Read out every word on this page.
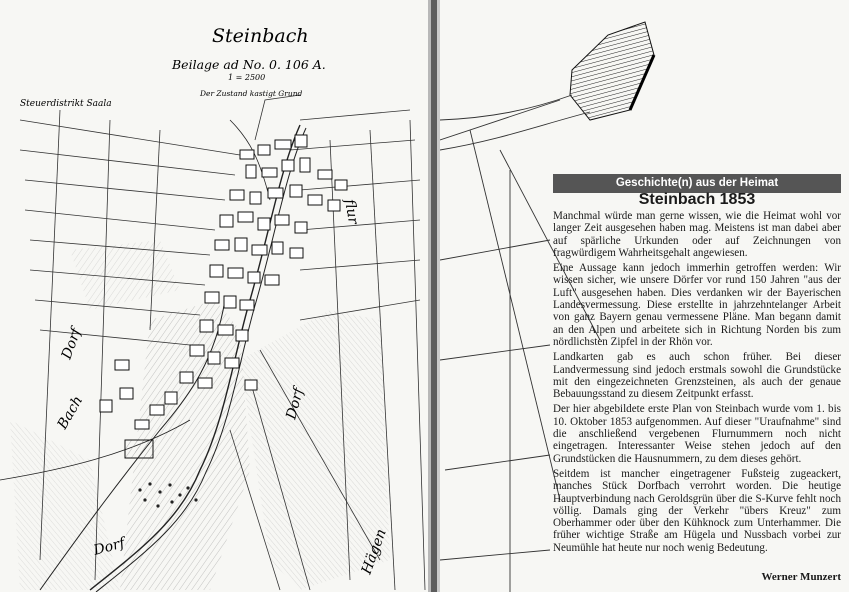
Steinbach
Beilage ad No. 0. 106 A.
1 = 2500
Der Zustand kastigt Grund
Steuerdistrikt Saala
Dorf
Bach
Dorf
flur
Hägen
Dorf
Geschichte(n) aus der Heimat
Steinbach 1853

Manchmal würde man gerne wissen, wie die Heimat wohl vor langer Zeit ausgesehen haben mag. Meistens ist man dabei aber auf spärliche Urkunden oder auf Zeichnungen von fragwürdigem Wahrheitsgehalt angewiesen.

Eine Aussage kann jedoch immerhin getroffen werden: Wir wissen sicher, wie unsere Dörfer vor rund 150 Jahren "aus der Luft" ausgesehen haben. Dies verdanken wir der Bayerischen Landesvermessung. Diese erstellte in jahrzehntelanger Arbeit von ganz Bayern genau vermessene Pläne. Man begann damit an den Alpen und arbeitete sich in Richtung Norden bis zum nördlichsten Zipfel in der Rhön vor.

Landkarten gab es auch schon früher. Bei dieser Landvermessung sind jedoch erstmals sowohl die Grundstücke mit den eingezeichneten Grenzsteinen, als auch der genaue Bebauungsstand zu diesem Zeitpunkt erfasst.

Der hier abgebildete erste Plan von Steinbach wurde vom 1. bis 10. Oktober 1853 aufgenommen. Auf dieser "Uraufnahme" sind die anschließend vergebenen Flurnummern noch nicht eingetragen. Interessanter Weise stehen jedoch auf den Grundstücken die Hausnummern, zu dem dieses gehört.

Seitdem ist mancher eingetragener Fußsteig zugeackert, manches Stück Dorfbach verrohrt worden. Die heutige Hauptverbindung nach Geroldsgrün über die S-Kurve fehlt noch völlig. Damals ging der Verkehr "übers Kreuz" zum Oberhammer oder über den Kühknock zum Unterhammer. Die früher wichtige Straße am Hügela und Nussbach vorbei zur Neumühle hat heute nur noch wenig Bedeutung.

Werner Munzert
